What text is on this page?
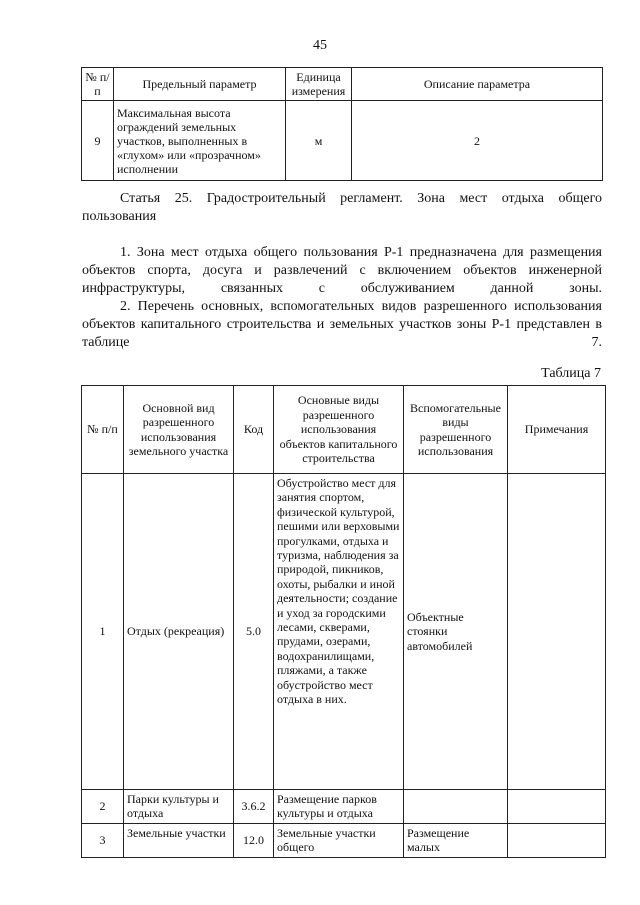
45
№ п/п	Предельный параметр	Единица измерения	Описание параметра
9	Максимальная высота ограждений земельных участков, выполненных в «глухом» или «прозрачном» исполнении	м	2
Статья 25. Градостроительный регламент. Зона мест отдыха общего пользования
1. Зона мест отдыха общего пользования Р-1 предназначена для размещения объектов спорта, досуга и развлечений с включением объектов инженерной инфраструктуры, связанных с обслуживанием данной зоны.
2. Перечень основных, вспомогательных видов разрешенного использования объектов капитального строительства и земельных участков зоны Р-1 представлен в таблице 7.
Таблица 7
№ п/п	Основной вид разрешенного использования земельного участка	Код	Основные виды разрешенного использования объектов капитального строительства	Вспомогательные виды разрешенного использования	Примечания
1	Отдых (рекреация)	5.0	Обустройство мест для занятия спортом, физической культурой, пешими или верховыми прогулками, отдыха и туризма, наблюдения за природой, пикников, охоты, рыбалки и иной деятельности; создание и уход за городскими лесами, скверами, прудами, озерами, водохранилищами, пляжами, а также обустройство мест отдыха в них.	Объектные стоянки автомобилей	
2	Парки культуры и отдыха	3.6.2	Размещение парков культуры и отдыха		
3	Земельные участки	12.0	Земельные участки общего	Размещение малых	
